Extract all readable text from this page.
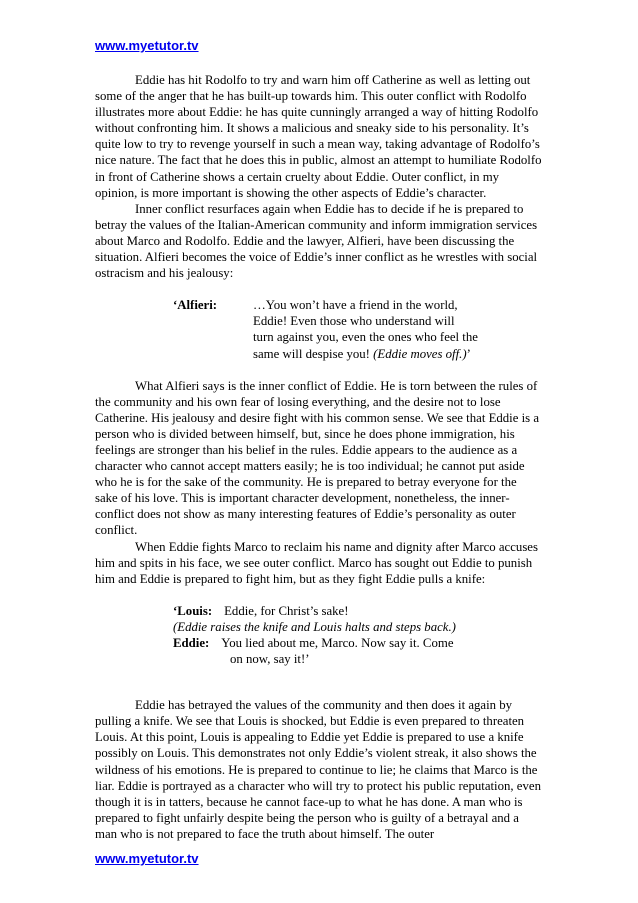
www.myetutor.tv

Eddie has hit Rodolfo to try and warn him off Catherine as well as letting out some of the anger that he has built-up towards him. This outer conflict with Rodolfo illustrates more about Eddie: he has quite cunningly arranged a way of hitting Rodolfo without confronting him. It shows a malicious and sneaky side to his personality. It’s quite low to try to revenge yourself in such a mean way, taking advantage of Rodolfo’s nice nature. The fact that he does this in public, almost an attempt to humiliate Rodolfo in front of Catherine shows a certain cruelty about Eddie. Outer conflict, in my opinion, is more important is showing the other aspects of Eddie’s character.

Inner conflict resurfaces again when Eddie has to decide if he is prepared to betray the values of the Italian-American community and inform immigration services about Marco and Rodolfo. Eddie and the lawyer, Alfieri, have been discussing the situation. Alfieri becomes the voice of Eddie’s inner conflict as he wrestles with social ostracism and his jealousy:

‘Alfieri:	…You won’t have a friend in the world, Eddie! Even those who understand will turn against you, even the ones who feel the same will despise you! (Eddie moves off.)’

What Alfieri says is the inner conflict of Eddie. He is torn between the rules of the community and his own fear of losing everything, and the desire not to lose Catherine. His jealousy and desire fight with his common sense. We see that Eddie is a person who is divided between himself, but, since he does phone immigration, his feelings are stronger than his belief in the rules. Eddie appears to the audience as a character who cannot accept matters easily; he is too individual; he cannot put aside who he is for the sake of the community. He is prepared to betray everyone for the sake of his love. This is important character development, nonetheless, the inner-conflict does not show as many interesting features of Eddie’s personality as outer conflict.

When Eddie fights Marco to reclaim his name and dignity after Marco accuses him and spits in his face, we see outer conflict. Marco has sought out Eddie to punish him and Eddie is prepared to fight him, but as they fight Eddie pulls a knife:

‘Louis: Eddie, for Christ’s sake!
(Eddie raises the knife and Louis halts and steps back.)
Eddie: You lied about me, Marco. Now say it. Come
on now, say it!’

Eddie has betrayed the values of the community and then does it again by pulling a knife. We see that Louis is shocked, but Eddie is even prepared to threaten Louis. At this point, Louis is appealing to Eddie yet Eddie is prepared to use a knife possibly on Louis. This demonstrates not only Eddie’s violent streak, it also shows the wildness of his emotions. He is prepared to continue to lie; he claims that Marco is the liar. Eddie is portrayed as a character who will try to protect his public reputation, even though it is in tatters, because he cannot face-up to what he has done. A man who is prepared to fight unfairly despite being the person who is guilty of a betrayal and a man who is not prepared to face the truth about himself. The outer

www.myetutor.tv
